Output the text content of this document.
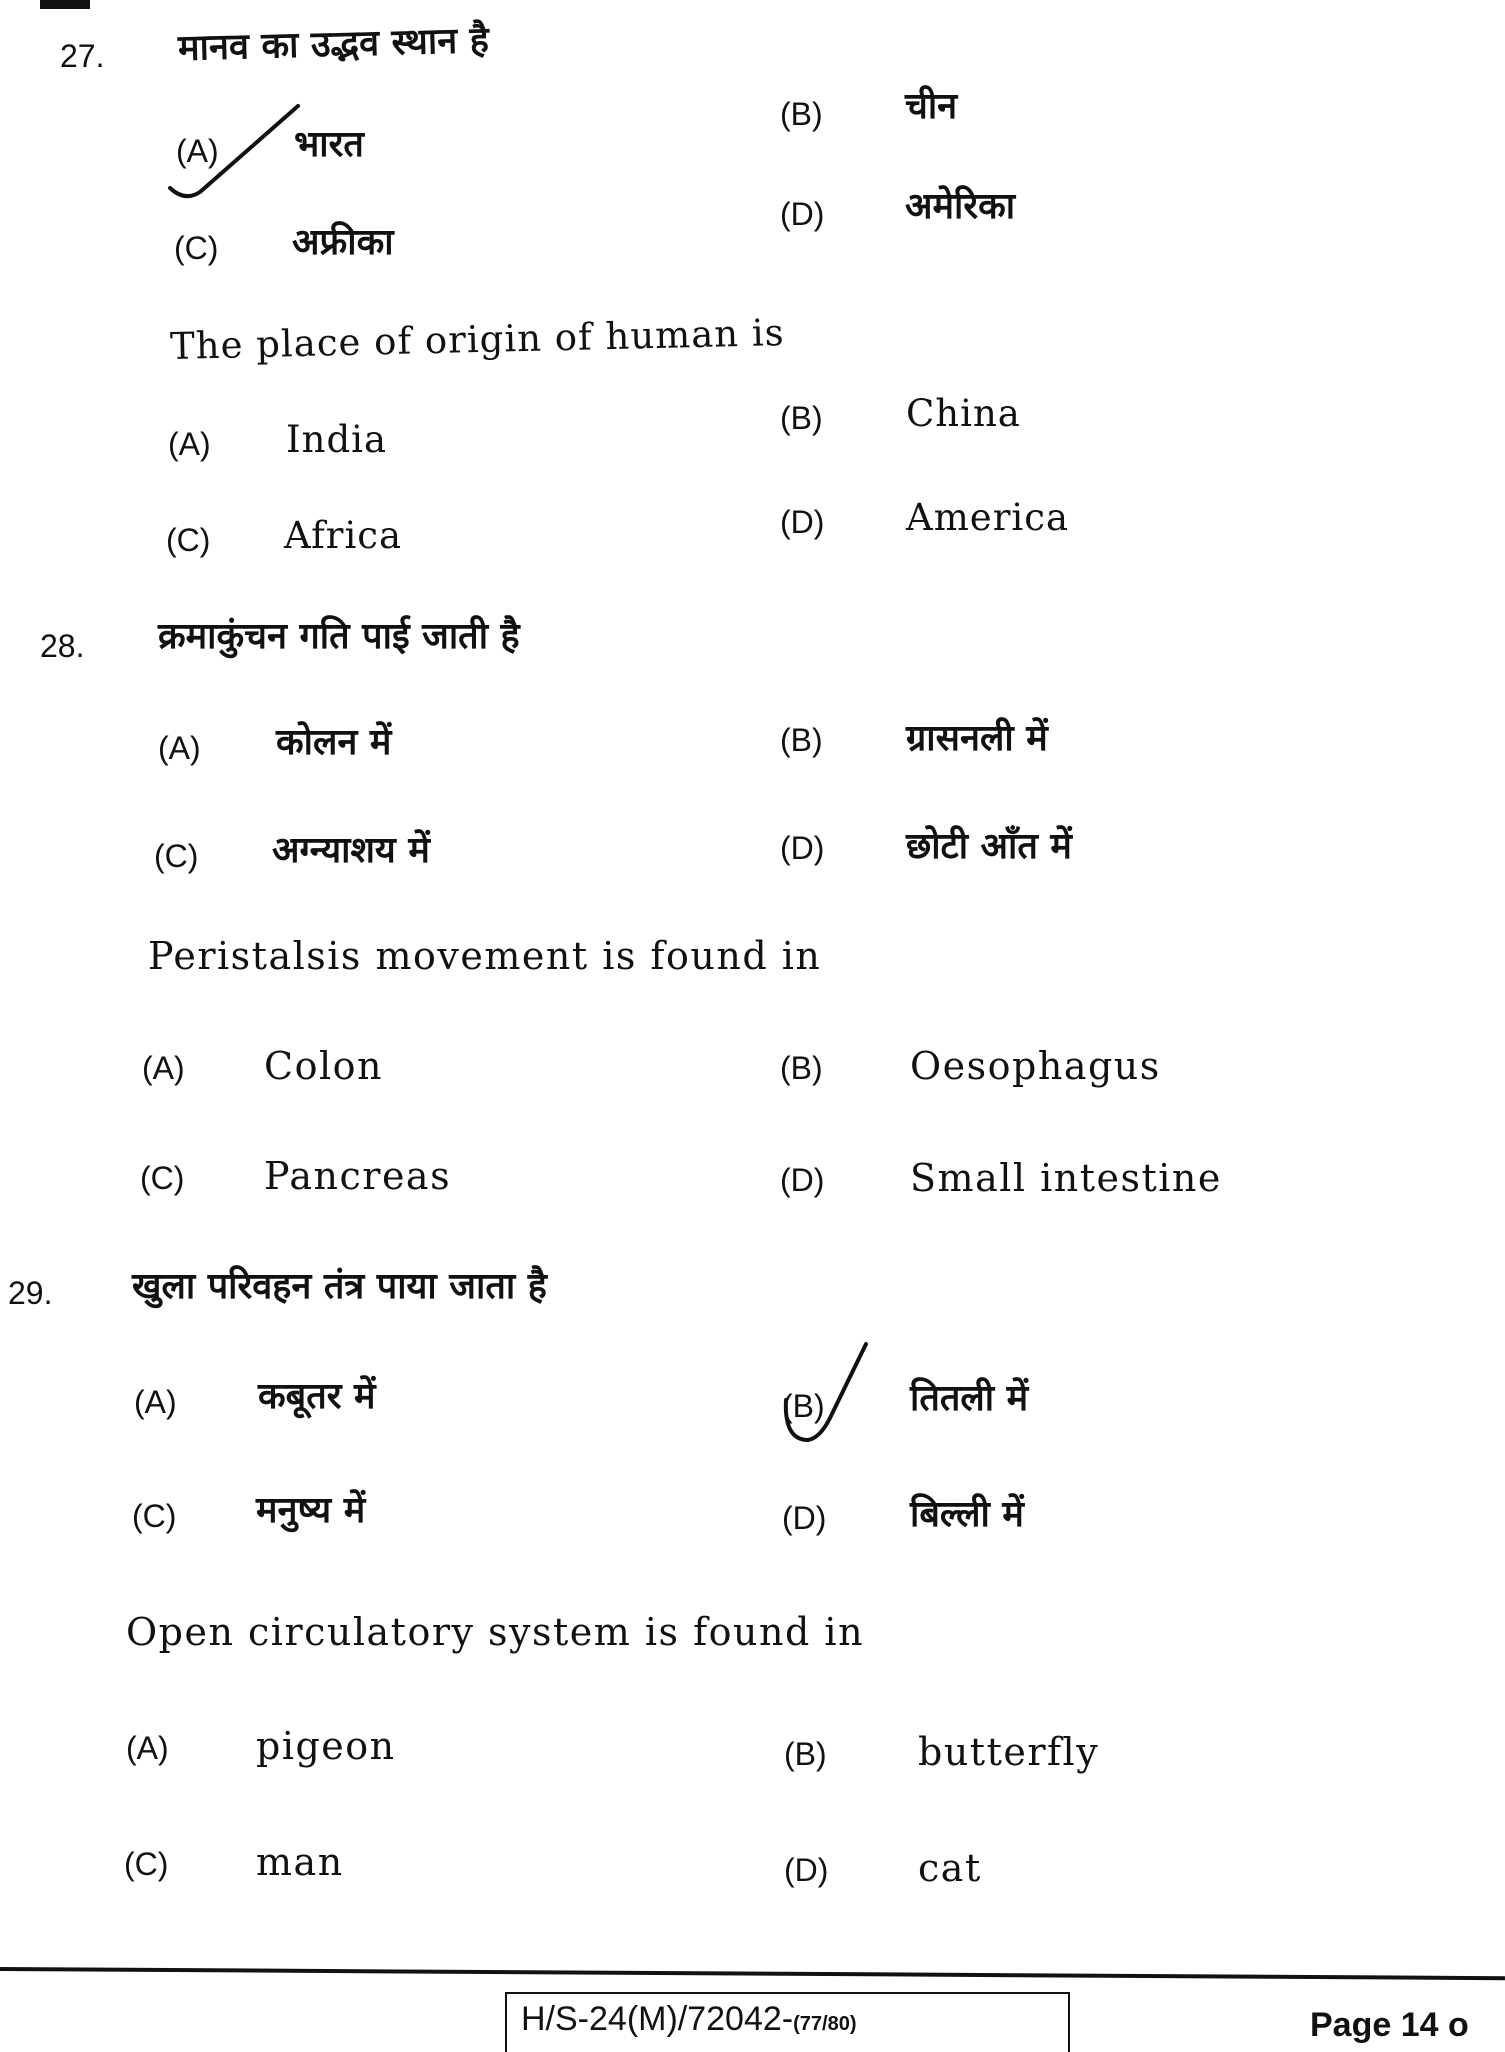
27. मानव का उद्भव स्थान है
(A) भारत
(B) चीन
(C) अफ्रीका
(D) अमेरिका
The place of origin of human is
(A) India	(B) China
(C) Africa	(D) America
28. क्रमाकुंचन गति पाई जाती है
(A) कोलन में	(B) ग्रासनली में
(C) अग्न्याशय में	(D) छोटी आँत में
Peristalsis movement is found in
(A) Colon	(B) Oesophagus
(C) Pancreas	(D) Small intestine
29. खुला परिवहन तंत्र पाया जाता है
(A) कबूतर में	(B) तितली में
(C) मनुष्य में	(D) बिल्ली में
Open circulatory system is found in
(A) pigeon	(B) butterfly
(C) man	(D) cat
H/S-24(M)/72042-(77/80)	Page 14 o
